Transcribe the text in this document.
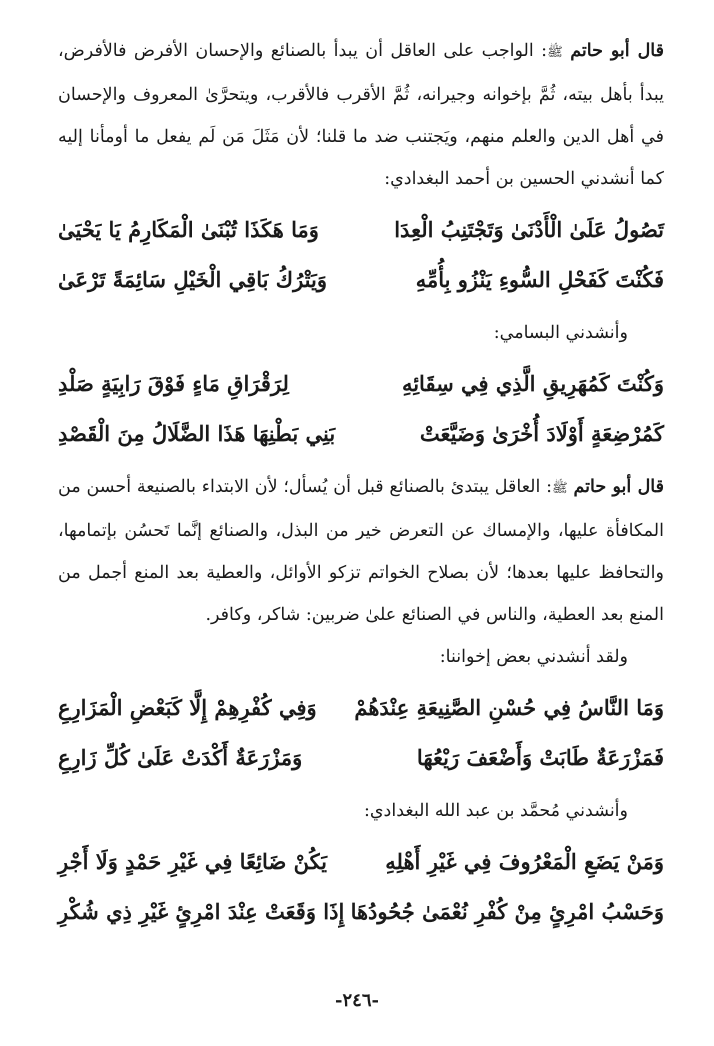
قال أبو حاتم ﷺ: الواجب على العاقل أن يبدأ بالصنائع والإحسان الأفرض فالأفرض، يبدأ بأهل بيته، ثُمَّ بإخوانه وجيرانه، ثُمَّ الأقرب فالأقرب، ويتحرَّىٰ المعروف والإحسان في أهل الدين والعلم منهم، ويَجتنب ضد ما قلنا؛ لأن مَثَلَ مَن لَم يفعل ما أومأنا إليه كما أنشدني الحسين بن أحمد البغدادي:

تَصُولُ عَلَىٰ الْأَدْنَىٰ وَتَجْتَنِبُ الْعِدَا
وَمَا هَكَذَا تُبْنَىٰ الْمَكَارِمُ يَا يَحْيَىٰ
فَكُنْتَ كَفَحْلِ السُّوءِ يَنْزُو بِأُمِّهِ
وَيَتْرُكُ بَاقِي الْخَيْلِ سَائِمَةً تَرْعَىٰ

وأنشدني البسامي:

وَكُنْتَ كَمُهَرِيقِ الَّذِي فِي سِقَائِهِ
لِرَقْرَاقِ مَاءٍ فَوْقَ رَابِيَةٍ صَلْدِ
كَمُرْضِعَةٍ أَوْلَادَ أُخْرَىٰ وَضَيَّعَتْ
بَنِي بَطْنِهَا هَذَا الضَّلَالُ مِنَ الْقَصْدِ

قال أبو حاتم ﷺ: العاقل يبتدئ بالصنائع قبل أن يُسأل؛ لأن الابتداء بالصنيعة أحسن من المكافأة عليها، والإمساك عن التعرض خير من البذل، والصنائع إنَّما تَحسُن بإتمامها، والتحافظ عليها بعدها؛ لأن بصلاح الخواتم تزكو الأوائل، والعطية بعد المنع أجمل من المنع بعد العطية، والناس في الصنائع علىٰ ضربين: شاكر، وكافر.

ولقد أنشدني بعض إخواننا:

وَمَا النَّاسُ فِي حُسْنِ الصَّنِيعَةِ عِنْدَهُمْ
وَفِي كُفْرِهِمْ إِلَّا كَبَعْضِ الْمَزَارِعِ
فَمَزْرَعَةٌ طَابَتْ وَأَضْعَفَ رَيْعُهَا
وَمَزْرَعَةٌ أَكْدَتْ عَلَىٰ كُلِّ زَارِعِ

وأنشدني مُحمَّد بن عبد الله البغدادي:

وَمَنْ يَضَعِ الْمَعْرُوفَ فِي غَيْرِ أَهْلِهِ
يَكُنْ ضَائِعًا فِي غَيْرِ حَمْدٍ وَلَا أَجْرِ
وَحَسْبُ امْرِئٍ مِنْ كُفْرِ نُعْمَىٰ جُحُودُهَا
إِذَا وَقَعَتْ عِنْدَ امْرِئٍ غَيْرِ ذِي شُكْرِ
-٢٤٦-
